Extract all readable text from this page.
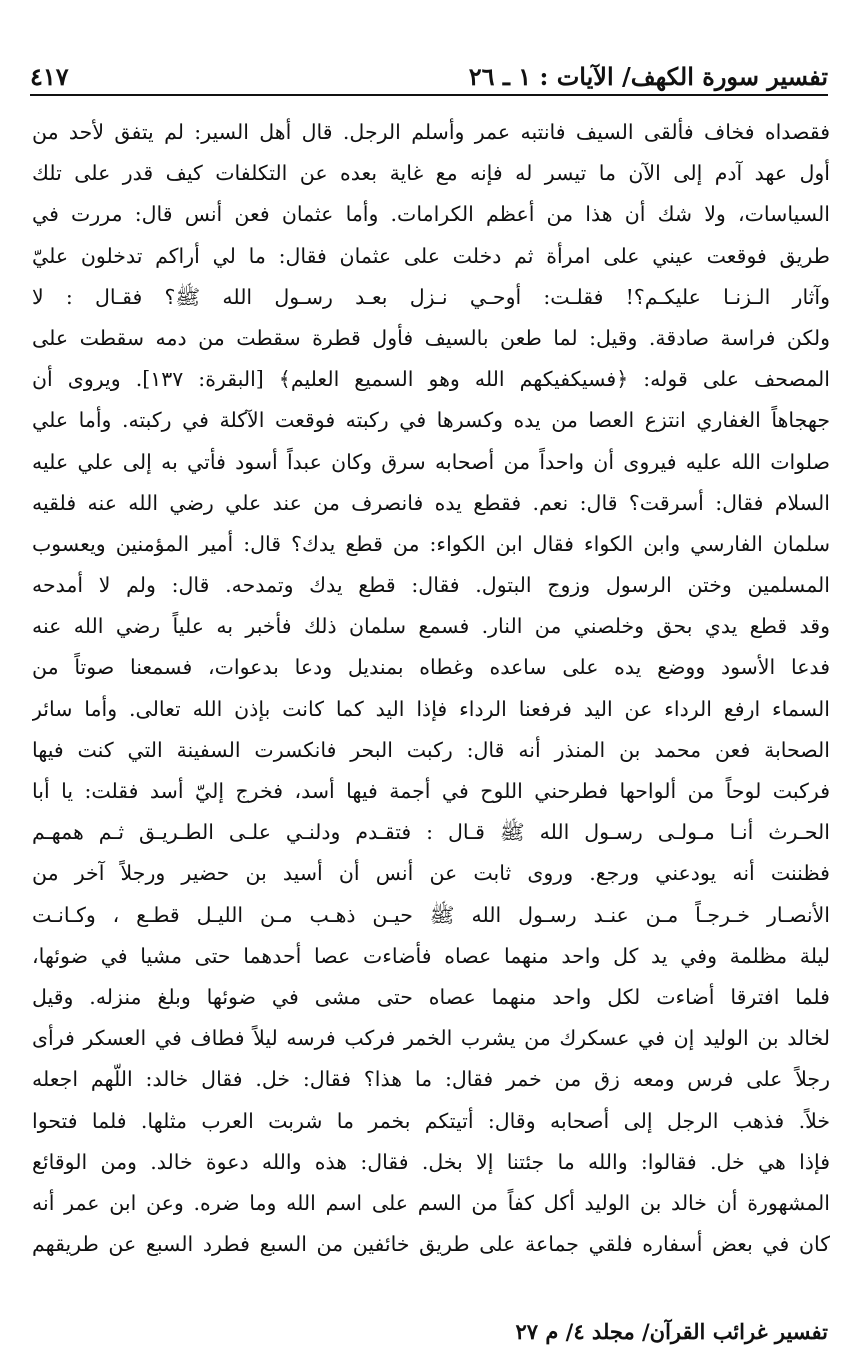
تفسير سورة الكهف/ الآيات : ١ ـ ٢٦
٤١٧
فقصداه فخاف فألقى السيف فانتبه عمر وأسلم الرجل. قال أهل السير: لم يتفق لأحد من
أول عهد آدم إلى الآن ما تيسر له فإنه مع غاية بعده عن التكلفات كيف قدر على تلك
السياسات، ولا شك أن هذا من أعظم الكرامات. وأما عثمان فعن أنس قال: مررت في
طريق فوقعت عيني على امرأة ثم دخلت على عثمان فقال: ما لي أراكم تدخلون عليّ
وآثار الـزنـا عليكـم؟! فقلـت: أوحـي نـزل بعـد رسـول الله ﷺ؟ فقـال : لا
ولكن فراسة صادقة. وقيل: لما طعن بالسيف فأول قطرة سقطت من دمه سقطت على
المصحف على قوله: ﴿فسيكفيكهم الله وهو السميع العليم﴾ [البقرة: ١٣٧]. ويروى أن
جهجاهاً الغفاري انتزع العصا من يده وكسرها في ركبته فوقعت الآكلة في ركبته. وأما علي
صلوات الله عليه فيروى أن واحداً من أصحابه سرق وكان عبداً أسود فأتي به إلى علي عليه
السلام فقال: أسرقت؟ قال: نعم. فقطع يده فانصرف من عند علي رضي الله عنه فلقيه
سلمان الفارسي وابن الكواء فقال ابن الكواء: من قطع يدك؟ قال: أمير المؤمنين ويعسوب
المسلمين وختن الرسول وزوج البتول. فقال: قطع يدك وتمدحه. قال: ولم لا أمدحه
وقد قطع يدي بحق وخلصني من النار. فسمع سلمان ذلك فأخبر به علياً رضي الله عنه
فدعا الأسود ووضع يده على ساعده وغطاه بمنديل ودعا بدعوات، فسمعنا صوتاً من
السماء ارفع الرداء عن اليد فرفعنا الرداء فإذا اليد كما كانت بإذن الله تعالى. وأما سائر
الصحابة فعن محمد بن المنذر أنه قال: ركبت البحر فانكسرت السفينة التي كنت فيها
فركبت لوحاً من ألواحها فطرحني اللوح في أجمة فيها أسد، فخرج إليّ أسد فقلت: يا أبا
الحـرث أنـا مـولـى رسـول الله ﷺ قـال : فتقـدم ودلنـي علـى الطـريـق ثـم همهـم
فظننت أنه يودعني ورجع. وروى ثابت عن أنس أن أسيد بن حضير ورجلاً آخر من
الأنصـار خـرجـاً مـن عنـد رسـول الله ﷺ حيـن ذهـب مـن الليـل قطـع ، وكـانـت
ليلة مظلمة وفي يد كل واحد منهما عصاه فأضاءت عصا أحدهما حتى مشيا في ضوئها،
فلما افترقا أضاءت لكل واحد منهما عصاه حتى مشى في ضوئها وبلغ منزله. وقيل
لخالد بن الوليد إن في عسكرك من يشرب الخمر فركب فرسه ليلاً فطاف في العسكر فرأى
رجلاً على فرس ومعه زق من خمر فقال: ما هذا؟ فقال: خل. فقال خالد: اللّهم اجعله
خلاً. فذهب الرجل إلى أصحابه وقال: أتيتكم بخمر ما شربت العرب مثلها. فلما فتحوا
فإذا هي خل. فقالوا: والله ما جئتنا إلا بخل. فقال: هذه والله دعوة خالد. ومن الوقائع
المشهورة أن خالد بن الوليد أكل كفاً من السم على اسم الله وما ضره. وعن ابن عمر أنه
كان في بعض أسفاره فلقي جماعة على طريق خائفين من السبع فطرد السبع عن طريقهم
تفسير غرائب القرآن/ مجلد ٤/ م ٢٧
